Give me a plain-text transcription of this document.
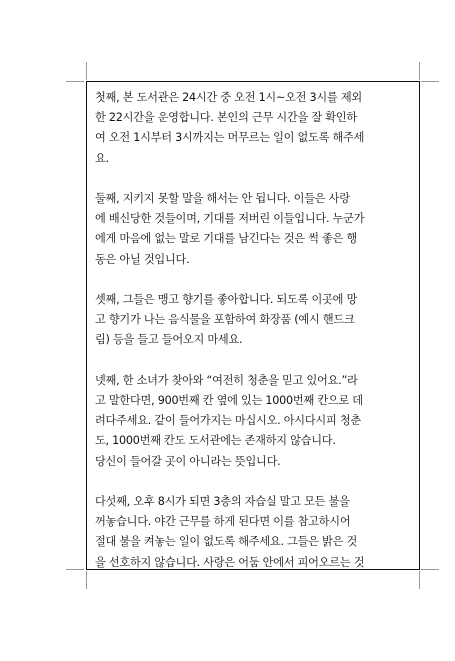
첫째, 본 도서관은 24시간 중 오전 1시~오전 3시를 제외
한 22시간을 운영합니다. 본인의 근무 시간을 잘 확인하
여 오전 1시부터 3시까지는 머무르는 일이 없도록 해주세
요.
둘째, 지키지 못할 말을 해서는 안 됩니다. 이들은 사랑
에 배신당한 것들이며, 기대를 저버린 이들입니다. 누군가
에게 마음에 없는 말로 기대를 남긴다는 것은 썩 좋은 행
동은 아닐 것입니다.
셋째, 그들은 맹고 향기를 좋아합니다. 되도록 이곳에 망
고 향기가 나는 음식물을 포함하여 화장품 (예시 핸드크
림) 등을 들고 들어오지 마세요.
넷째, 한 소녀가 찾아와 “여전히 청춘을 믿고 있어요.”라
고 말한다면, 900번째 칸 옆에 있는 1000번째 칸으로 데
려다주세요. 같이 들어가지는 마십시오. 아시다시피 청춘
도, 1000번째 칸도 도서관에는 존재하지 않습니다.
당신이 들어갈 곳이 아니라는 뜻입니다.
다섯째, 오후 8시가 되면 3층의 자습실 말고 모든 불을
꺼놓습니다. 야간 근무를 하게 된다면 이를 참고하시어
절대 불을 켜놓는 일이 없도록 해주세요. 그들은 밝은 것
을 선호하지 않습니다. 사랑은 어둠 안에서 피어오르는 것
